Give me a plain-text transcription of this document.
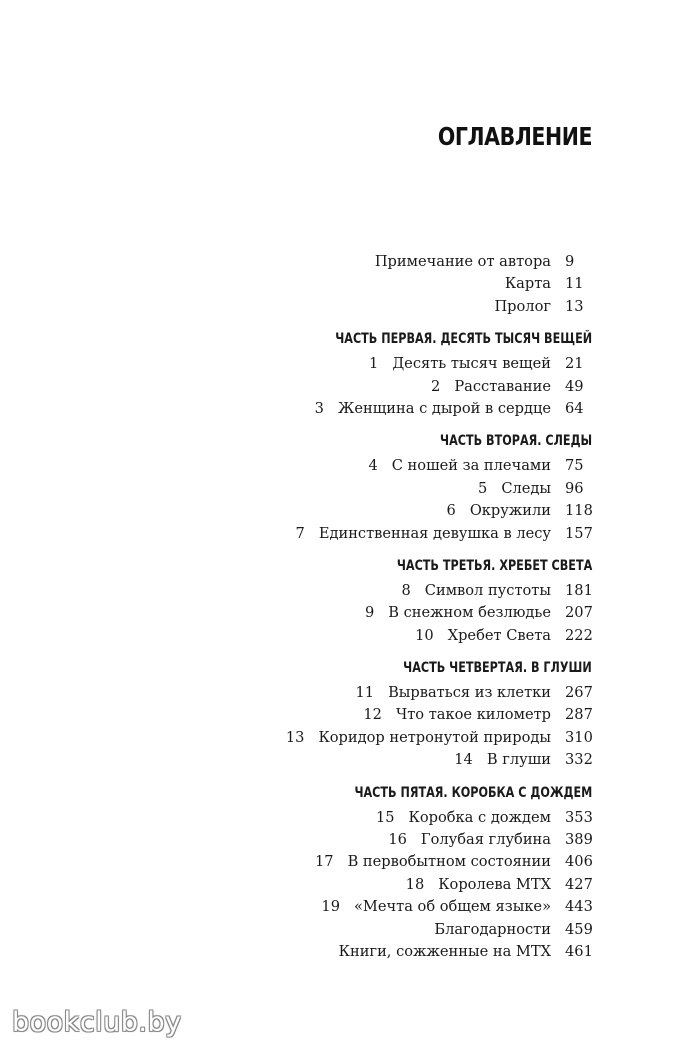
ОГЛАВЛЕНИЕ
Примечание от автора 9
Карта 11
Пролог 13
ЧАСТЬ ПЕРВАЯ. ДЕСЯТЬ ТЫСЯЧ ВЕЩЕЙ
1 Десять тысяч вещей 21
2 Расставание 49
3 Женщина с дырой в сердце 64
ЧАСТЬ ВТОРАЯ. СЛЕДЫ
4 С ношей за плечами 75
5 Следы 96
6 Окружили 118
7 Единственная девушка в лесу 157
ЧАСТЬ ТРЕТЬЯ. ХРЕБЕТ СВЕТА
8 Символ пустоты 181
9 В снежном безлюдье 207
10 Хребет Света 222
ЧАСТЬ ЧЕТВЕРТАЯ. В ГЛУШИ
11 Вырваться из клетки 267
12 Что такое километр 287
13 Коридор нетронутой природы 310
14 В глуши 332
ЧАСТЬ ПЯТАЯ. КОРОБКА С ДОЖДЕМ
15 Коробка с дождем 353
16 Голубая глубина 389
17 В первобытном состоянии 406
18 Королева МТХ 427
19 «Мечта об общем языке» 443
Благодарности 459
Книги, сожженные на МТХ 461
bookclub.by
